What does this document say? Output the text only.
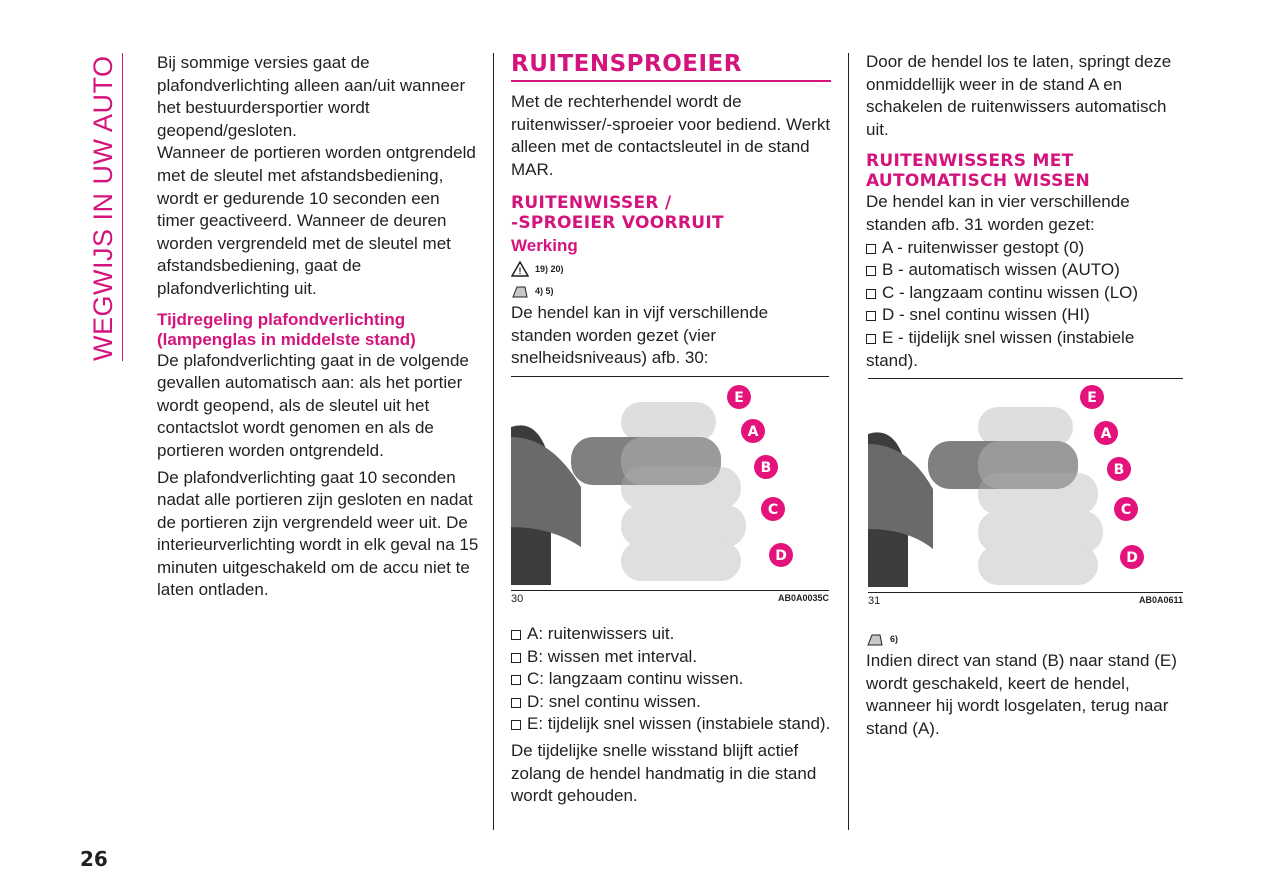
WEGWIJS IN UW AUTO Bij sommige versies gaat de plafondverlichting alleen aan/uit wanneer het bestuurdersportier wordt geopend/gesloten.

Wanneer de portieren worden ontgrendeld met de sleutel met afstandsbediening, wordt er gedurende 10 seconden een timer geactiveerd. Wanneer de deuren worden vergrendeld met de sleutel met afstandsbediening, gaat de plafondverlichting uit.

Tijdregeling plafondverlichting (lampenglas in middelste stand)

De plafondverlichting gaat in de volgende gevallen automatisch aan: als het portier wordt geopend, als de sleutel uit het contactslot wordt genomen en als de portieren worden ontgrendeld.

De plafondverlichting gaat 10 seconden nadat alle portieren zijn gesloten en nadat de portieren zijn vergrendeld weer uit. De interieurverlichting wordt in elk geval na 15 minuten uitgeschakeld om de accu niet te laten ontladen.

RUITENSPROEIER

Met de rechterhendel wordt de ruitenwisser/-sproeier voor bediend. Werkt alleen met de contactsleutel in de stand MAR.

RUITENWISSER /
-SPROEIER VOORRUIT
Werking
! 19) 20)
4) 5)

De hendel kan in vijf verschillende standen worden gezet (vier snelheidsniveaus) afb. 30:

E
A
B
C
D
30	AB0A0035C

A: ruitenwissers uit.

B: wissen met interval.

C: langzaam continu wissen.

D: snel continu wissen.

E: tijdelijk snel wissen (instabiele stand).

De tijdelijke snelle wisstand blijft actief zolang de hendel handmatig in die stand wordt gehouden.

Door de hendel los te laten, springt deze onmiddellijk weer in de stand A en schakelen de ruitenwissers automatisch uit.

RUITENWISSERS MET
AUTOMATISCH WISSEN

De hendel kan in vier verschillende standen afb. 31 worden gezet:

A - ruitenwisser gestopt (0)

B - automatisch wissen (AUTO)

C - langzaam continu wissen (LO)

D - snel continu wissen (HI)

E - tijdelijk snel wissen (instabiele stand).

E
A
B
C
D
31	AB0A0611
6)

Indien direct van stand (B) naar stand (E) wordt geschakeld, keert de hendel, wanneer hij wordt losgelaten, terug naar stand (A).

26
